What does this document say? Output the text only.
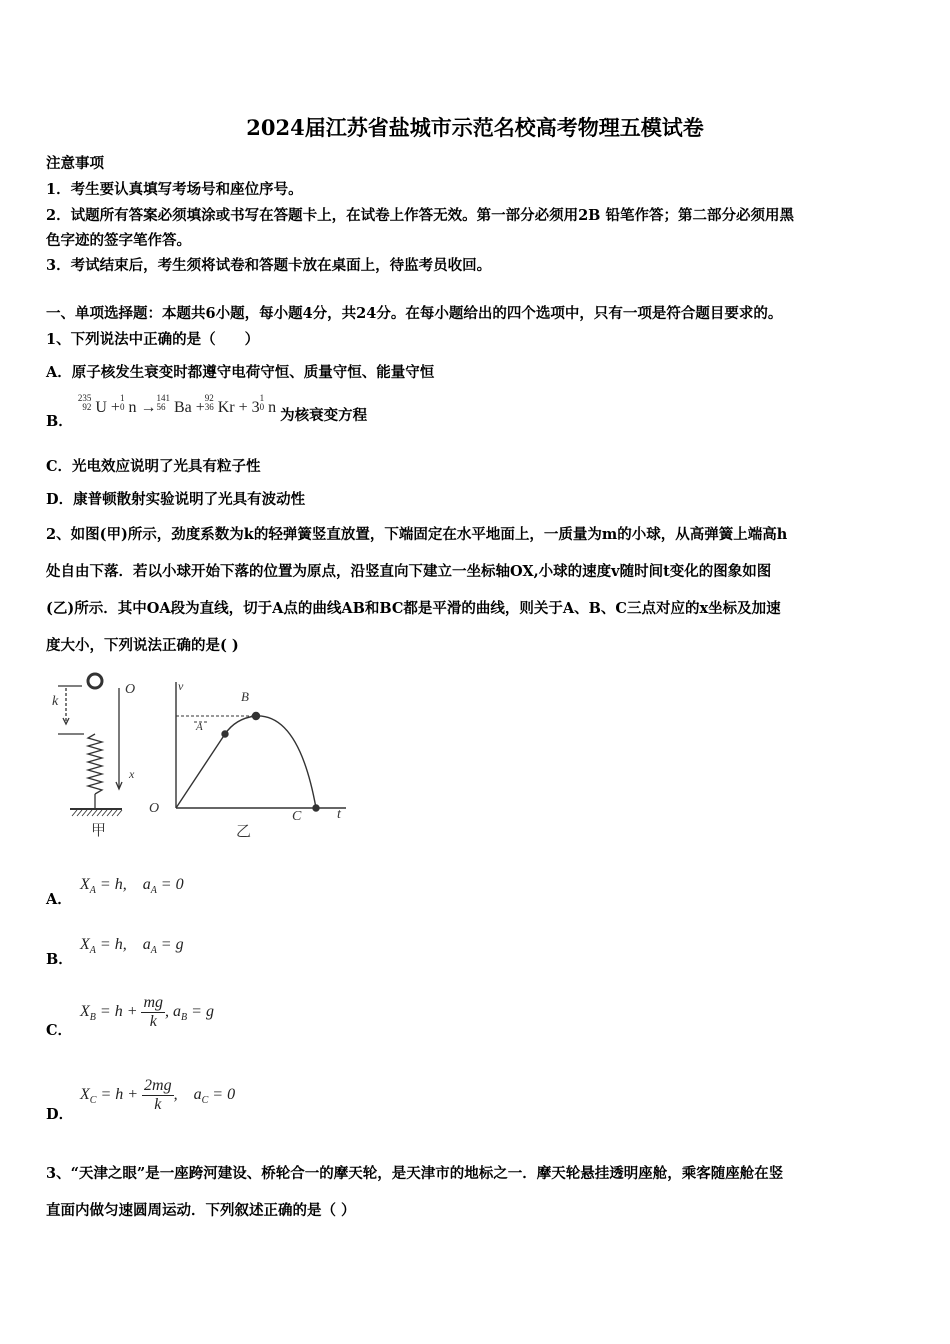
2024届江苏省盐城市示范名校高考物理五模试卷
注意事项
1．考生要认真填写考场号和座位序号。
2．试题所有答案必须填涂或书写在答题卡上，在试卷上作答无效。第一部分必须用2B 铅笔作答；第二部分必须用黑
色字迹的签字笔作答。
3．考试结束后，考生须将试卷和答题卡放在桌面上，待监考员收回。
一、单项选择题：本题共6小题，每小题4分，共24分。在每小题给出的四个选项中，只有一项是符合题目要求的。
1、下列说法中正确的是（　　）
A．原子核发生衰变时都遵守电荷守恒、质量守恒、能量守恒
B． 235
92 U +1
0 n →141
56 Ba +92
36 Kr + 31
0 n 为核衰变方程
C．光电效应说明了光具有粒子性
D．康普顿散射实验说明了光具有波动性
2、如图(甲)所示，劲度系数为k的轻弹簧竖直放置，下端固定在水平地面上，一质量为m的小球，从高弹簧上端高h
处自由下落．若以小球开始下落的位置为原点，沿竖直向下建立一坐标轴OX,小球的速度v随时间t变化的图象如图
(乙)所示．其中OA段为直线，切于A点的曲线AB和BC都是平滑的曲线，则关于A、B、C三点对应的x坐标及加速
度大小，下列说法正确的是( )
k
O
x
甲
v
B
A
O
C	t
乙
A．
$X_A = h$,    $a_A = 0$
B．
$X_A = h$,    $a_A = g$
C．
$X_B = h + \frac{mg}{k}$ , $a_B = g$
D．
$X_C = h + \frac{2mg}{k}$ ,    $a_C = 0$
3、“天津之眼”是一座跨河建设、桥轮合一的摩天轮，是天津市的地标之一．摩天轮悬挂透明座舱，乘客随座舱在竖
直面内做匀速圆周运动．下列叙述正确的是（ ）
